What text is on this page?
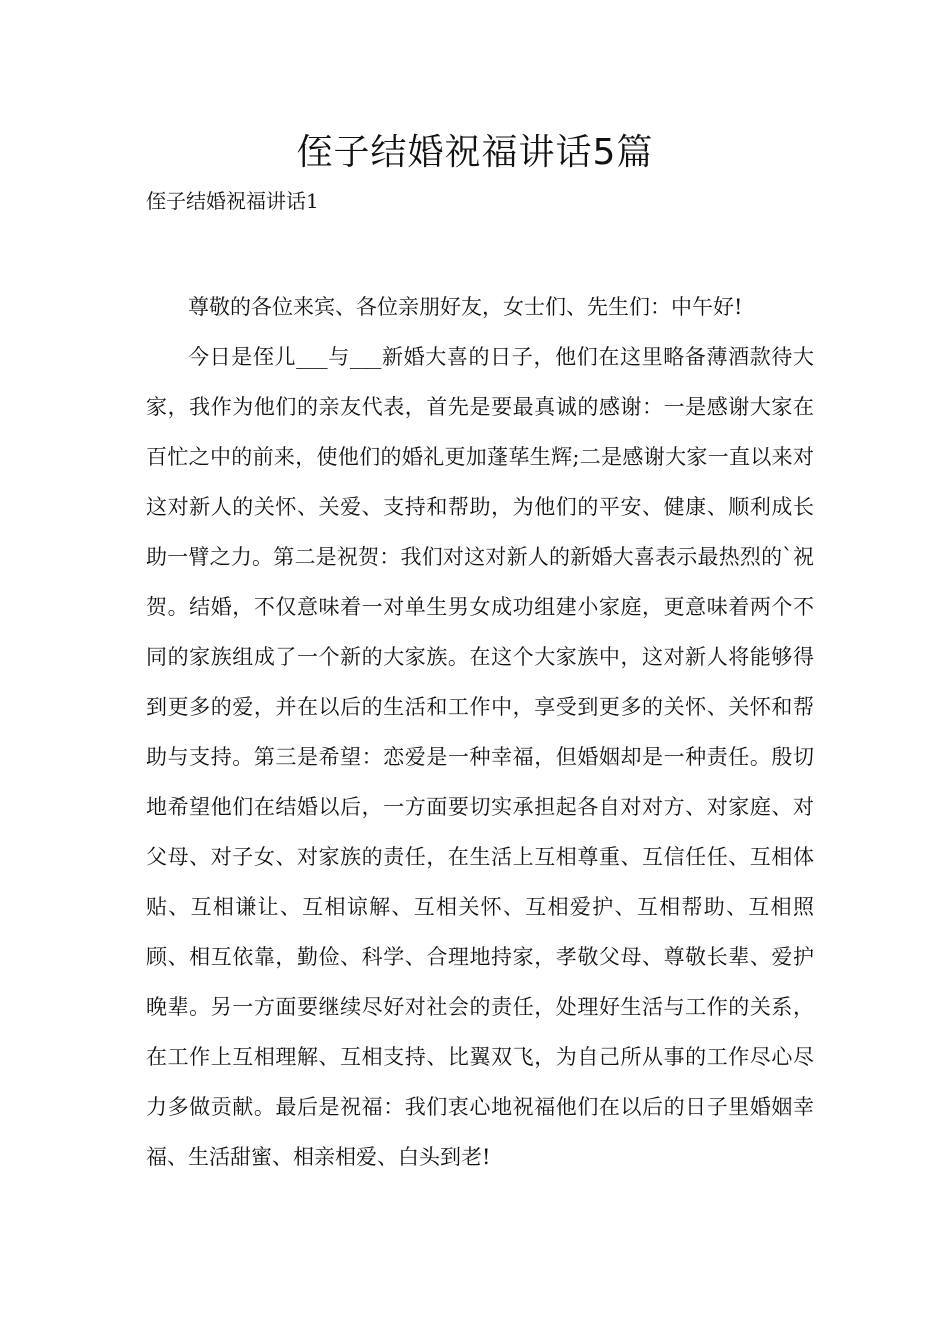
侄子结婚祝福讲话5篇
侄子结婚祝福讲话1

尊敬的各位来宾、各位亲朋好友，女士们、先生们：中午好!

今日是侄儿___与___新婚大喜的日子，他们在这里略备薄酒款待大家，我作为他们的亲友代表，首先是要最真诚的感谢：一是感谢大家在百忙之中的前来，使他们的婚礼更加蓬荜生辉;二是感谢大家一直以来对这对新人的关怀、关爱、支持和帮助，为他们的平安、健康、顺利成长助一臂之力。第二是祝贺：我们对这对新人的新婚大喜表示最热烈的`祝贺。结婚，不仅意味着一对单生男女成功组建小家庭，更意味着两个不同的家族组成了一个新的大家族。在这个大家族中，这对新人将能够得到更多的爱，并在以后的生活和工作中，享受到更多的关怀、关怀和帮助与支持。第三是希望：恋爱是一种幸福，但婚姻却是一种责任。殷切地希望他们在结婚以后，一方面要切实承担起各自对对方、对家庭、对父母、对子女、对家族的责任，在生活上互相尊重、互信任任、互相体贴、互相谦让、互相谅解、互相关怀、互相爱护、互相帮助、互相照顾、相互依靠，勤俭、科学、合理地持家，孝敬父母、尊敬长辈、爱护晚辈。另一方面要继续尽好对社会的责任，处理好生活与工作的关系，在工作上互相理解、互相支持、比翼双飞，为自己所从事的工作尽心尽力多做贡献。最后是祝福：我们衷心地祝福他们在以后的日子里婚姻幸福、生活甜蜜、相亲相爱、白头到老!
